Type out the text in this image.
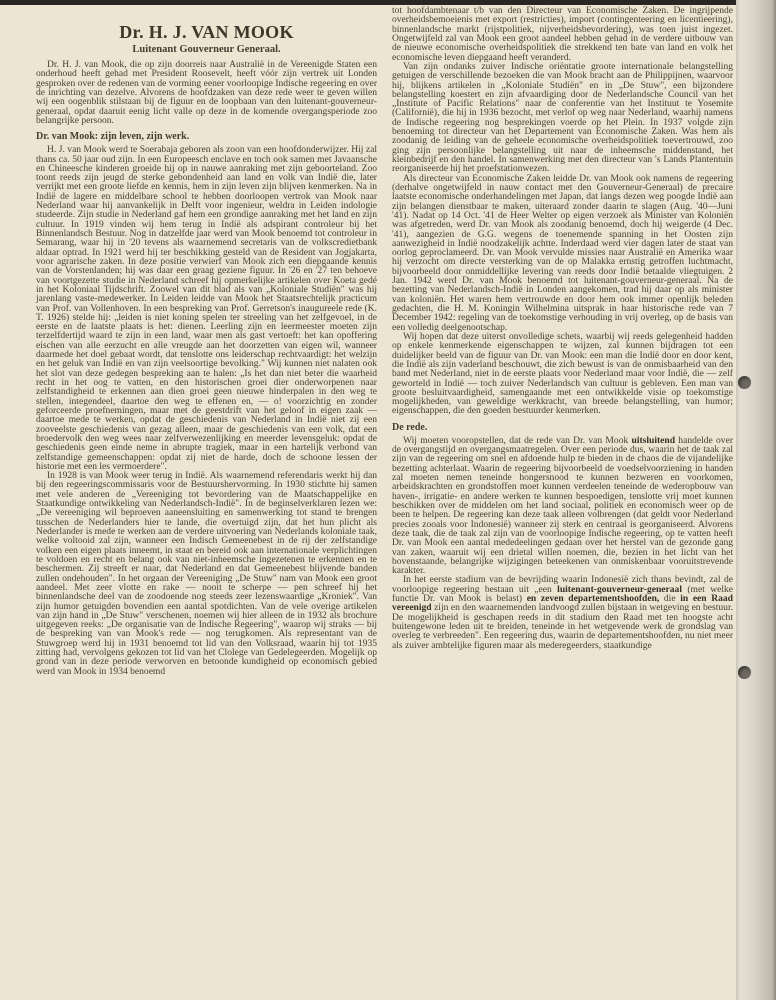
Dr. H. J. VAN MOOK
Luitenant Gouverneur Generaal.

Dr. H. J. van Mook, die op zijn doorreis naar Australië in de Vereenigde Staten een onderhoud heeft gehad met President Roosevelt, heeft vóór zijn vertrek uit Londen gesproken over de redenen van de vorming eener voorloopige Indische regeering en over de inrichting van dezelve. Alvorens de hoofdzaken van deze rede weer te geven willen wij een oogenblik stilstaan bij de figuur en de loopbaan van den luitenant-gouverneur-generaal, opdat daaruit eenig licht valle op deze in de komende overgangsperiode zoo belangrijke persoon.

Dr. van Mook: zijn leven, zijn werk.

H. J. van Mook werd te Soerabaja geboren als zoon van een hoofdonderwijzer. Hij zal thans ca. 50 jaar oud zijn. In een Europeesch enclave en toch ook samen met Javaansche en Chineesche kinderen groeide hij op in nauwe aanraking met zijn geboorteland. Zoo toont reeds zijn jeugd de sterke gebondenheid aan land en volk van Indië die, later verrijkt met een groote liefde en kennis, hem in zijn leven zijn blijven kenmerken. Na in Indië de lagere en middelbare school te hebben doorloopen vertrok van Mook naar Nederland waar hij aanvankelijk in Delft voor ingenieur, weldra in Leiden indologie studeerde. Zijn studie in Nederland gaf hem een grondige aanraking met het land en zijn cultuur. In 1919 vinden wij hem terug in Indië als adspirant controleur bij het Binnenlandsch Bestuur. Nog in datzelfde jaar werd van Mook benoemd tot controleur in Semarang, waar hij in '20 tevens als waarnemend secretaris van de volkscredietbank aldaar optrad. In 1921 werd hij ter beschikking gesteld van de Resident van Jogjakarta, voor agrarische zaken. In deze positie verwierf van Mook zich een diepgaande kennis van de Vorstenlanden; hij was daar een graag geziene figuur. In '26 en '27 ten behoeve van voortgezette studie in Nederland schreef hij opmerkelijke artikelen over Koeta gedé in het Koloniaal Tijdschrift. Zoowel van dit blad als van „Koloniale Studiën" was hij jarenlang vaste-medewerker. In Leiden leidde van Mook het Staatsrechtelijk practicum van Prof. van Vollenhoven. In een bespreking van Prof. Gerretson's inaugureele rede (K. T. 1926) stelde hij: „leiden is niet koning spelen ter streeling van het zelfgevoel, in de eerste en de laatste plaats is het: dienen. Leerling zijn en leermeester moeten zijn terzelfdertijd waard te zijn in een land, waar men als gast vertoeft: het kan opoffering eischen van alle eerzucht en alle vreugde aan het doorzetten van eigen wil, wanneer daarmede het doel gebaat wordt, dat tenslotte ons leiderschap rechtvaardigt: het welzijn en het geluk van Indië en van zijn veelsoortige bevolking." Wij kunnen niet nalaten ook het slot van deze gedegen bespreking aan te halen: „Is het dan niet beter die waarheid recht in het oog te vatten, en den historischen groei dier onderworpenen naar zelfstandigheid te erkennen aan dien groei geen nieuwe hinderpalen in den weg te stellen, integendeel, daartoe den weg te effenen en, — o! voorzichtig en zonder geforceerde proefnemingen, maar met de geestdrift van het geloof in eigen zaak — daartoe mede te werken, opdat de geschiedenis van Nederland in Indië niet zij een zooveelste geschiedenis van gezag alleen, maar de geschiedenis van een volk, dat een broedervolk den weg wees naar zelfverwezenlijking en meerder levensgeluk: opdat de geschiedenis geen einde neme in abrupte tragiek, maar in een hartelijk verbond van zelfstandige gemeenschappen: opdat zij niet de harde, doch de schoone lessen der historie met een les vermoerdere".

In 1928 is van Mook weer terug in Indië. Als waarnemend referendaris werkt hij dan bij den regeeringscommissaris voor de Bestuurshervorming. In 1930 stichtte hij samen met vele anderen de „Vereeniging tot bevordering van de Maatschappelijke en Staatkundige ontwikkeling van Nederlandsch-Indië". In de beginselverklaren lezen we: „De vereeniging wil beproeven aaneensluiting en samenwerking tot stand te brengen tusschen de Nederlanders hier te lande, die overtuigd zijn, dat het hun plicht als Nederlander is mede te werken aan de verdere uitvoering van Nederlands koloniale taak, welke voltooid zal zijn, wanneer een Indisch Gemeenebest in de rij der zelfstandige volken een eigen plaats inneemt, in staat en bereid ook aan internationale verplichtingen te voldoen en recht en belang ook van niet-inheemsche ingezetenen te erkennen en te beschermen. Zij streeft er naar, dat Nederland en dat Gemeenebest blijvende banden zullen ondehouden". In het orgaan der Vereeniging „De Stuw" nam van Mook een groot aandeel. Met zeer vlotte en rake — nooit te scherpe — pen schreef hij het binnenlandsche deel van de zoodoende nog steeds zeer lezenswaardige „Kroniek". Van zijn humor getuigden bovendien een aantal spotdichten. Van de vele overige artikelen van zijn hand in „De Stuw" verschenen, noemen wij hier alleen de in 1932 als brochure uitgegeven reeks: „De organisatie van de Indische Regeering", waarop wij straks — bij de bespreking van van Mook's rede — nog terugkomen. Als representant van de Stuwgroep werd hij in 1931 benoemd tot lid van den Volksraad, waarin hij tot 1935 zitting had, vervolgens gekozen tot lid van het Clolege van Gedelegeerden. Mogelijk op grond van in deze periode verworven en betoonde kundigheid op economisch gebied werd van Mook in 1934 benoemd

tot hoofdambtenaar t/b van den Directeur van Economische Zaken. De ingrijpende overheidsbemoeienis met export (restricties), import (contingenteering en licentieering), binnenlandsche markt (rijstpolitiek, nijverheidsbevordering), was toen juist ingezet. Ongetwijfeld zal van Mook een groot aandeel hebben gehad in de verdere uitbouw van de nieuwe economische overheidspolitiek die strekkend ten bate van land en volk het economische leven diepgaand heeft veranderd.

Van zijn ondanks zuiver Indische oriëntatie groote internationale belangstelling getuigen de verschillende bezoeken die van Mook bracht aan de Philippijnen, waarvoor hij, blijkens artikelen in „Koloniale Studiën" en in „De Stuw", een bijzondere belangstelling koestert en zijn afvaardiging door de Nederlandsche Council van het „Institute of Pacific Relations" naar de conferentie van het Instituut te Yosemite (Californië), die hij in 1936 bezocht, met verlof op weg naar Nederland, waarhij namens de Indische regeering nog besprekingen voerde op het Plein. In 1937 volgde zijn benoeming tot directeur van het Departement van Economische Zaken. Was hem als zoodanig de leiding van de geheele economische overheidspolitiek toevertrouwd, zoo ging zijn persoonlijke belangstelling uit naar de inheemsche middenstand, het kleinbedrijf en den handel. In samenwerking met den directeur van 's Lands Plantentuin reorganiseerde hij het proefstationwezen.

Als directeur van Economische Zaken leidde Dr. van Mook ook namens de regeering (derhalve ongetwijfeld in nauw contact met den Gouverneur-Generaal) de precaire laatste economische onderhandelingen met Japan, dat langs dezen weg poogde Indië aan zijn belangen dienstbaar te maken, uiteraard zonder daarin te slagen (Aug. '40—Juni '41). Nadat op 14 Oct. '41 de Heer Welter op eigen verzoek als Minister van Koloniën was afgetreden, werd Dr. van Mook als zoodanig benoemd, doch hij weigerde (4 Dec. '41), aangezien de G.G. wegens de toenemende spanning in het Oosten zijn aanwezigheid in Indië noodzakelijk achtte. Inderdaad werd vier dagen later de staat van oorlog geproclameerd. Dr. van Mook vervulde missies naar Australië en Amerika waar hij verzocht om directe versterking van de op Malakka ernstig getroffen luchtmacht, bijvoorbeeld door onmiddellijke levering van reeds door Indië betaalde vliegtuigen. 2 Jan. 1942 werd Dr. van Mook benoemd tot luitenant-gouverneur-generaal. Na de bezetting van Nederlandsch-Indië in Londen aangekomen, trad hij daar op als minister van koloniën. Het waren hem vertrouwde en door hem ook immer openlijk beleden gedachten, die H. M. Koningin Wilhelmina uitsprak in haar historische rede van 7 December 1942: regeling van de toekomstige verhouding in vrij overleg, op de basis van een volledig deelgenootschap.

Wij hopen dat deze uiterst onvolledige schets, waarbij wij reeds gelegenheid hadden op enkele kenmerkende eigenschappen te wijzen, zal kunnen bijdragen tot een duidelijker beeld van de figuur van Dr. van Mook: een man die Indië door en door kent, die Indië als zijn vaderland beschouwt, die zich bewust is van de onmisbaarheid van den band met Nederland, niet in de eerste plaats voor Nederland maar voor Indië, die — zelf geworteld in Indië — toch zuiver Nederlandsch van cultuur is gebleven. Een man van groote besluitvaardigheid, samengaande met een ontwikkelde visie op toekomstige mogelijkheden, van geweldige werkkracht, van breede belangstelling, van humor; eigenschappen, die den goeden bestuurder kenmerken.

De rede.

Wij moeten vooropstellen, dat de rede van Dr. van Mook uitsluitend handelde over de overgangstijd en overgangsmaatregelen. Over een periode dus, waarin het de taak zal zijn van de regeering om snel en afdoende hulp te bieden in de chaos die de vijandelijke bezetting achterlaat. Waarin de regeering bijvoorbeeld de voedselvoorziening in handen zal moeten nemen teneinde hongersnood te kunnen bezweren en voorkomen, arbeidskrachten en grondstoffen moet kunnen verdeelen teneinde de wederopbouw van haven-, irrigatie- en andere werken te kunnen bespoedigen, tenslotte vrij moet kunnen beschikken over de middelen om het land sociaal, politiek en economisch weer op de been te helpen. De regeering kan deze taak alleen volbrengen (dat geldt voor Nederland precies zooals voor Indonesië) wanneer zij sterk en centraal is georganiseerd. Alvorens deze taak, die de taak zal zijn van de voorloopige Indische regeering, op te vatten heeft Dr. van Mook een aantal mededeelingen gedaan over het herstel van de gezonde gang van zaken, waaruit wij een drietal willen noemen, die, bezien in het licht van het bovenstaande, belangrijke wijzigingen beteekenen van onmiskenbaar vooruitstrevende karakter.

In het eerste stadium van de bevrijding waarin Indonesië zich thans bevindt, zal de voorloopige regeering bestaan uit „een luitenant-gouverneur-generaal (met welke functie Dr. van Mook is belast) en zeven departementshoofden, die in een Raad vereenigd zijn en den waarnemenden landvoogd zullen bijstaan in wetgeving en bestuur. De mogelijkheid is geschapen reeds in dit stadium den Raad met ten hoogste acht buitengewone leden uit te breiden, teneinde in het wetgevende werk de grondslag van overleg te verbreeden". Een regeering dus, waarin de departementshoofden, nu niet meer als zuiver ambtelijke figuren maar als mederegeerders, staatkundige
